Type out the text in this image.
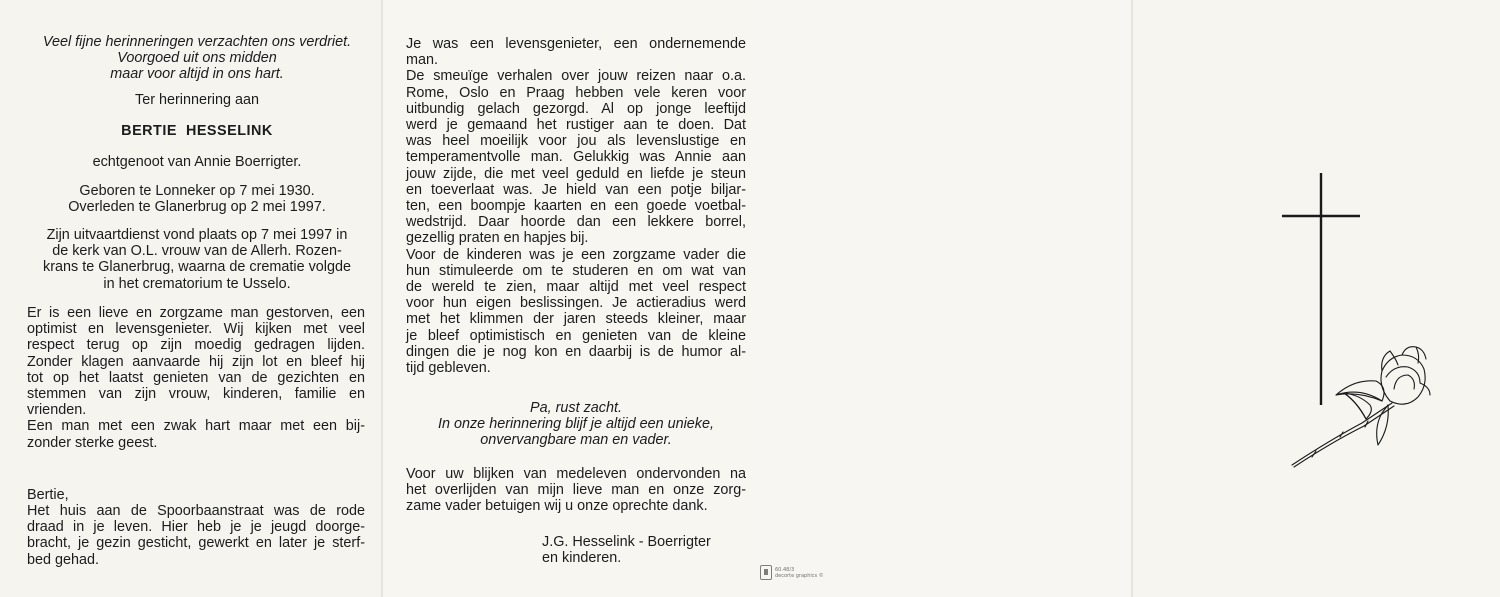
Veel fijne herinneringen verzachten ons verdriet.
Voorgoed uit ons midden
maar voor altijd in ons hart.
Ter herinnering aan
BERTIE  HESSELINK
echtgenoot van Annie Boerrigter.
Geboren te Lonneker op 7 mei 1930.
Overleden te Glanerbrug op 2 mei 1997.
Zijn uitvaartdienst vond plaats op 7 mei 1997 in
de kerk van O.L. vrouw van de Allerh. Rozen-
krans te Glanerbrug, waarna de crematie volgde
in het crematorium te Usselo.
Er is een lieve en zorgzame man gestorven, een
optimist en levensgenieter. Wij kijken met veel
respect terug op zijn moedig gedragen lijden.
Zonder klagen aanvaarde hij zijn lot en bleef hij
tot op het laatst genieten van de gezichten en
stemmen van zijn vrouw, kinderen, familie en
vrienden.
Een man met een zwak hart maar met een bij-
zonder sterke geest.
Bertie,
Het huis aan de Spoorbaanstraat was de rode
draad in je leven. Hier heb je je jeugd doorge-
bracht, je gezin gesticht, gewerkt en later je sterf-
bed gehad.
Je was een levensgenieter, een ondernemende
man.
De smeuïge verhalen over jouw reizen naar o.a.
Rome, Oslo en Praag hebben vele keren voor
uitbundig gelach gezorgd. Al op jonge leeftijd
werd je gemaand het rustiger aan te doen. Dat
was heel moeilijk voor jou als levenslustige en
temperamentvolle man. Gelukkig was Annie aan
jouw zijde, die met veel geduld en liefde je steun
en toeverlaat was. Je hield van een potje biljar-
ten, een boompje kaarten en een goede voetbal-
wedstrijd. Daar hoorde dan een lekkere borrel,
gezellig praten en hapjes bij.
Voor de kinderen was je een zorgzame vader die
hun stimuleerde om te studeren en om wat van
de wereld te zien, maar altijd met veel respect
voor hun eigen beslissingen. Je actieradius werd
met het klimmen der jaren steeds kleiner, maar
je bleef optimistisch en genieten van de kleine
dingen die je nog kon en daarbij is de humor al-
tijd gebleven.
Pa, rust zacht.
In onze herinnering blijf je altijd een unieke,
onvervangbare man en vader.
Voor uw blijken van medeleven ondervonden na
het overlijden van mijn lieve man en onze zorg-
zame vader betuigen wij u onze oprechte dank.
J.G. Hesselink - Boerrigter
en kinderen.
60.48/3
decorte graphics ©
